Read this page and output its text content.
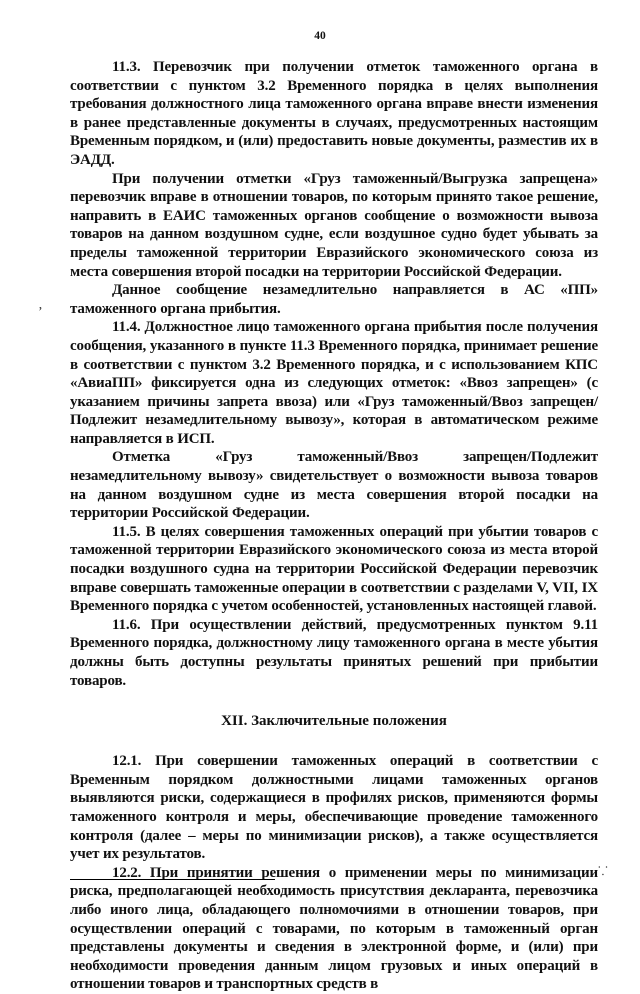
40
’

11.3. Перевозчик при получении отметок таможенного органа в соответствии с пунктом 3.2 Временного порядка в целях выполнения требования должностного лица таможенного органа вправе внести изменения в ранее представленные документы в случаях, предусмотренных настоящим Временным порядком, и (или) предоставить новые документы, разместив их в ЭАДД.

При получении отметки «Груз таможенный/Выгрузка запрещена» перевозчик вправе в отношении товаров, по которым принято такое решение, направить в ЕАИС таможенных органов сообщение о возможности вывоза товаров на данном воздушном судне, если воздушное судно будет убывать за пределы таможенной территории Евразийского экономического союза из места совершения второй посадки на территории Российской Федерации.

Данное сообщение незамедлительно направляется в АС «ПП» таможенного органа прибытия.

11.4. Должностное лицо таможенного органа прибытия после получения сообщения, указанного в пункте 11.3 Временного порядка, принимает решение в соответствии с пунктом 3.2 Временного порядка, и с использованием КПС «АвиаПП» фиксируется одна из следующих отметок: «Ввоз запрещен» (с указанием причины запрета ввоза) или «Груз таможенный/Ввоз запрещен/Подлежит незамедлительному вывозу», которая в автоматическом режиме направляется в ИСП.

Отметка «Груз таможенный/Ввоз запрещен/Подлежит незамедлительному вывозу» свидетельствует о возможности вывоза товаров на данном воздушном судне из места совершения второй посадки на территории Российской Федерации.

11.5. В целях совершения таможенных операций при убытии товаров с таможенной территории Евразийского экономического союза из места второй посадки воздушного судна на территории Российской Федерации перевозчик вправе совершать таможенные операции в соответствии с разделами V, VII, IX Временного порядка с учетом особенностей, установленных настоящей главой.

11.6. При осуществлении действий, предусмотренных пунктом 9.11 Временного порядка, должностному лицу таможенного органа в месте убытия должны быть доступны результаты принятых решений при прибытии товаров.

XII. Заключительные положения

12.1. При совершении таможенных операций в соответствии с Временным порядком должностными лицами таможенных органов выявляются риски, содержащиеся в профилях рисков, применяются формы таможенного контроля и меры, обеспечивающие проведение таможенного контроля (далее – меры по минимизации рисков), а также осуществляется учет их результатов.

12.2. При принятии решения о применении меры по минимизации риска, предполагающей необходимость присутствия декларанта, перевозчика либо иного лица, обладающего полномочиями в отношении товаров, при осуществлении операций с товарами, по которым в таможенный орган представлены документы и сведения в электронной форме, и (или) при необходимости проведения данным лицом грузовых и иных операций в отношении товаров и транспортных средств в

⸪
